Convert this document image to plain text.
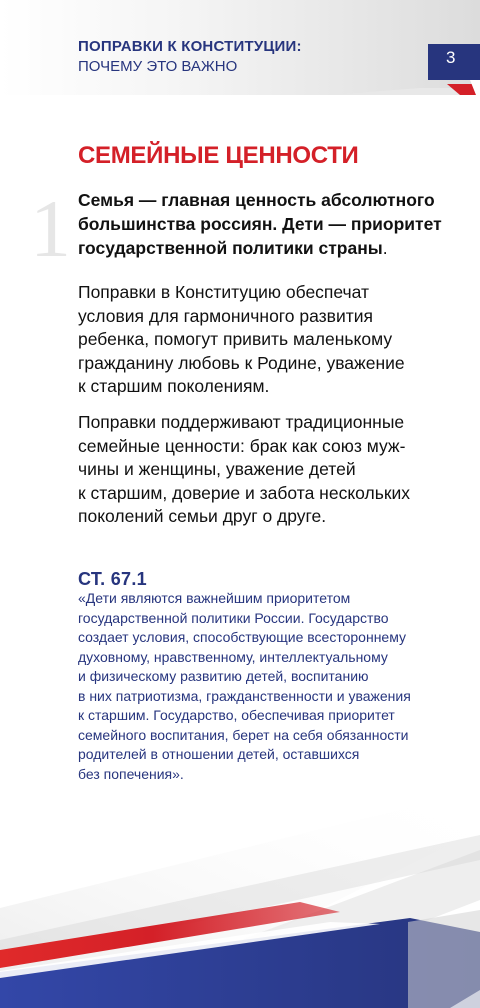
ПОПРАВКИ К КОНСТИТУЦИИ:
ПОЧЕМУ ЭТО ВАЖНО	3
СЕМЕЙНЫЕ ЦЕННОСТИ
1 Семья — главная ценность абсолютного
большинства россиян. Дети — приоритет
государственной политики страны.
Поправки в Конституцию обеспечат
условия для гармоничного развития
ребенка, помогут привить маленькому
гражданину любовь к Родине, уважение
к старшим поколениям.
Поправки поддерживают традиционные
семейные ценности: брак как союз муж-
чины и женщины, уважение детей
к старшим, доверие и забота нескольких
поколений семьи друг о друге.
СТ. 67.1
«Дети являются важнейшим приоритетом
государственной политики России. Государство
создает условия, способствующие всестороннему
духовному, нравственному, интеллектуальному
и физическому развитию детей, воспитанию
в них патриотизма, гражданственности и уважения
к старшим. Государство, обеспечивая приоритет
семейного воспитания, берет на себя обязанности
родителей в отношении детей, оставшихся
без попечения».
